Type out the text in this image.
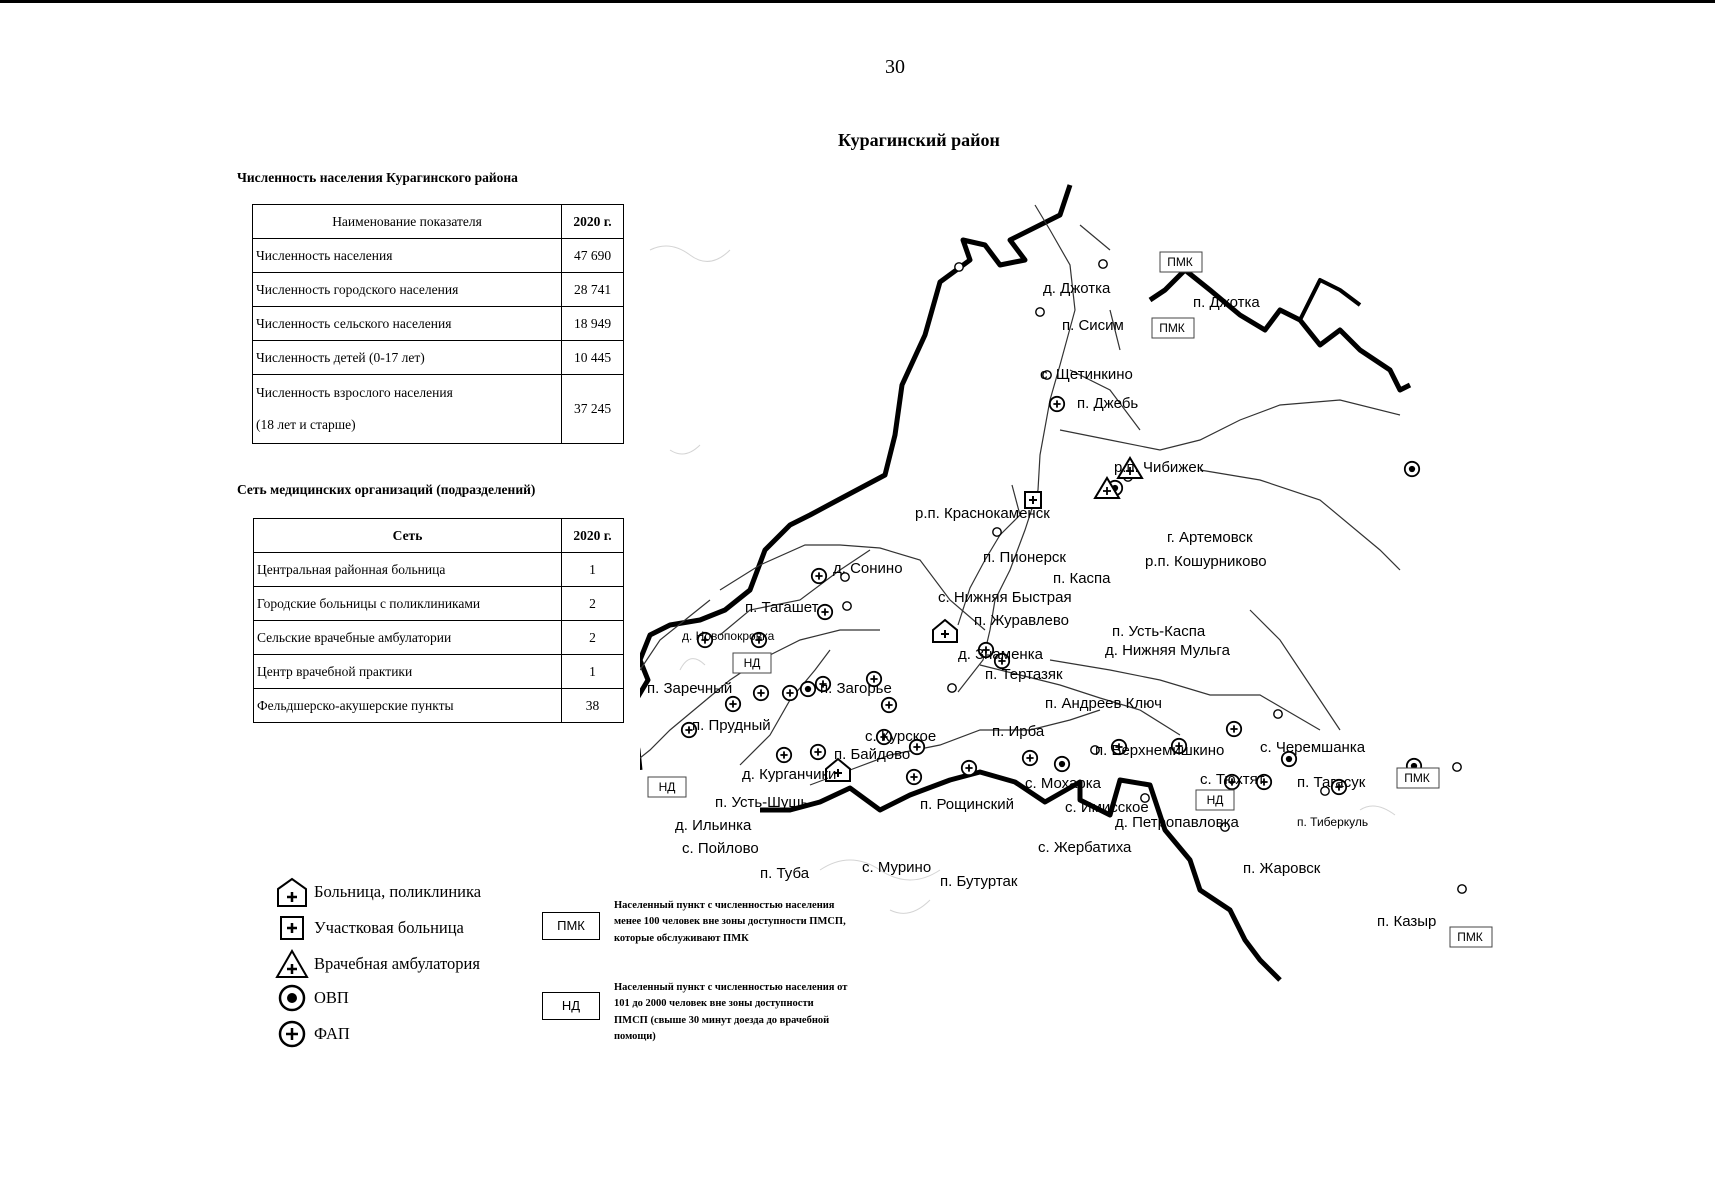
30
Курагинский район
Численность населения Курагинского района
Наименование показателя	2020 г.
Численность населения	47 690
Численность городского населения	28 741
Численность сельского населения	18 949
Численность детей (0-17 лет)	10 445
Численность взрослого населения
(18 лет и старше)	37 245
Сеть медицинских организаций (подразделений)
Сеть	2020 г.
Центральная районная больница	1
Городские больницы с поликлиниками	2
Сельские врачебные амбулатории	2
Центр врачебной практики	1
Фельдшерско-акушерские пункты	38
ПМК
ПМК
ПМК
ПМК
НД
НД
НД
д. Джотка
п. Джотка
п. Сисим
с. Щетинкино
п. Джебь
р.п. Чибижек
р.п. Краснокаменск
г. Артемовск
п. Пионерск	р.п. Кошурниково
д. Сонино
п. Каспа
с. Нижняя Быстрая
п. Журавлево
п. Тагашет
д. Новопокровка	п. Усть-Каспа
д. Нижняя Мульга
д. Знаменка
п. Тертазяк
п. Заречный	п. Загорье
п. Андреев Ключ
п. Прудный
с. Курское	п. Ирба
п. Байдово	п. Верхнемишкино с. Черемшанка
д. Курганчики
с. Мохарка	с. Тюхтят п. Тагасук
п. Усть-Шушь	п. Рощинский	с. Имисское
д. Ильинка	д. Петропавловка	п. Тиберкуль
с. Пойлово	с. Жербатиха
с. Мурино
п. Туба	п. Бутуртак
п. Жаровск
п. Казыр
Больница, поликлиника
Участковая больница
Врачебная амбулатория
ОВП
ФАП
ПМК
Населенный пункт с численностью населения менее 100 человек вне зоны доступности ПМСП, которые обслуживают ПМК
НД
Населенный пункт с численностью населения от 101 до 2000 человек вне зоны доступности ПМСП (свыше 30 минут доезда до врачебной помощи)
